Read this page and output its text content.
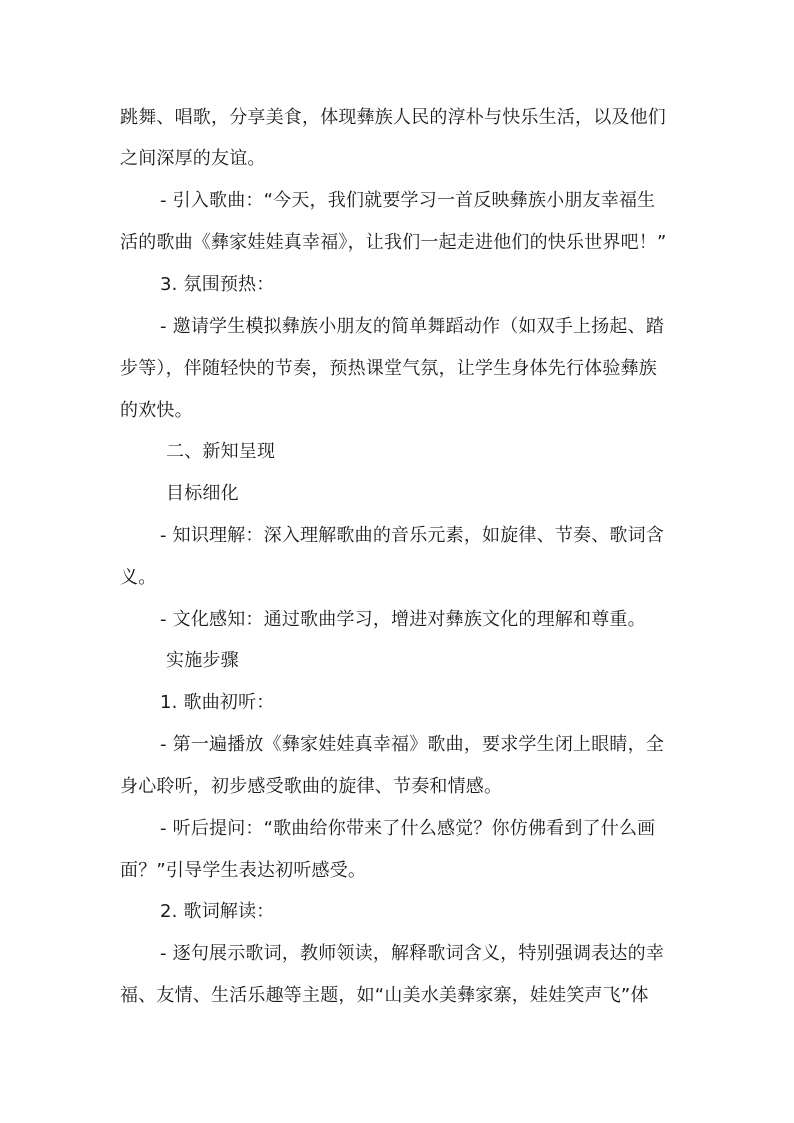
跳舞、唱歌，分享美食，体现彝族人民的淳朴与快乐生活，以及他们
之间深厚的友谊。
- 引入歌曲：“今天，我们就要学习一首反映彝族小朋友幸福生
活的歌曲《彝家娃娃真幸福》，让我们一起走进他们的快乐世界吧！”
3. 氛围预热：
- 邀请学生模拟彝族小朋友的简单舞蹈动作（如双手上扬起、踏
步等），伴随轻快的节奏，预热课堂气氛，让学生身体先行体验彝族
的欢快。
二、新知呈现
目标细化
- 知识理解：深入理解歌曲的音乐元素，如旋律、节奏、歌词含
义。
- 文化感知：通过歌曲学习，增进对彝族文化的理解和尊重。
实施步骤
1. 歌曲初听：
- 第一遍播放《彝家娃娃真幸福》歌曲，要求学生闭上眼睛，全
身心聆听，初步感受歌曲的旋律、节奏和情感。
- 听后提问：“歌曲给你带来了什么感觉？你仿佛看到了什么画
面？”引导学生表达初听感受。
2. 歌词解读：
- 逐句展示歌词，教师领读，解释歌词含义，特别强调表达的幸
福、友情、生活乐趣等主题，如“山美水美彝家寨，娃娃笑声飞”体
